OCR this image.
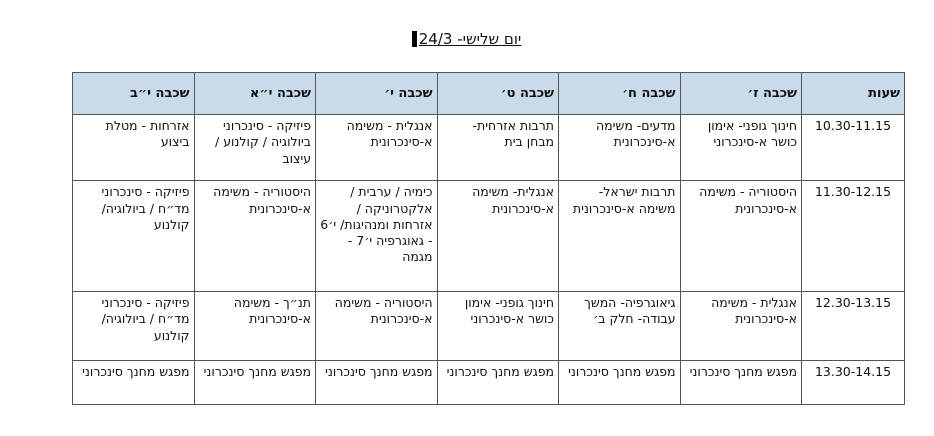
יום שלישי- 24/3
שעות	שכבה ז׳	שכבה ח׳	שכבה ט׳	שכבה י׳	שכבה י״א	שכבה י״ב
10.30-11.15	חינוך גופני- אימון כושר א-סינכרוני	מדעים- משימה א-סינכרונית	תרבות אזרחית- מבחן בית	אנגלית - משימה א-סינכרונית	פיזיקה - סינכרוני ביולוגיה / קולנוע / עיצוב	אזרחות - מטלת ביצוע
11.30-12.15	היסטוריה - משימה א-סינכרונית	תרבות ישראל- משימה א-סינכרונית	אנגלית- משימה א-סינכרונית	כימיה / ערבית / אלקטרוניקה / אזרחות ומנהיגות/ י׳6 - גאוגרפיה י׳7 - מגמה	היסטוריה - משימה א-סינכרונית	פיזיקה - סינכרוני מד״ח / ביולוגיה/ קולנוע
12.30-13.15	אנגלית - משימה א-סינכרונית	גיאוגרפיה- המשך עבודה- חלק ב׳	חינוך גופני- אימון כושר א-סינכרוני	היסטוריה - משימה א-סינכרונית	תנ״ך - משימה א-סינכרונית	פיזיקה - סינכרוני מד״ח / ביולוגיה/ קולנוע
13.30-14.15	מפגש מחנך סינכרוני	מפגש מחנך סינכרוני	מפגש מחנך סינכרוני	מפגש מחנך סינכרוני	מפגש מחנך סינכרוני	מפגש מחנך סינכרוני
